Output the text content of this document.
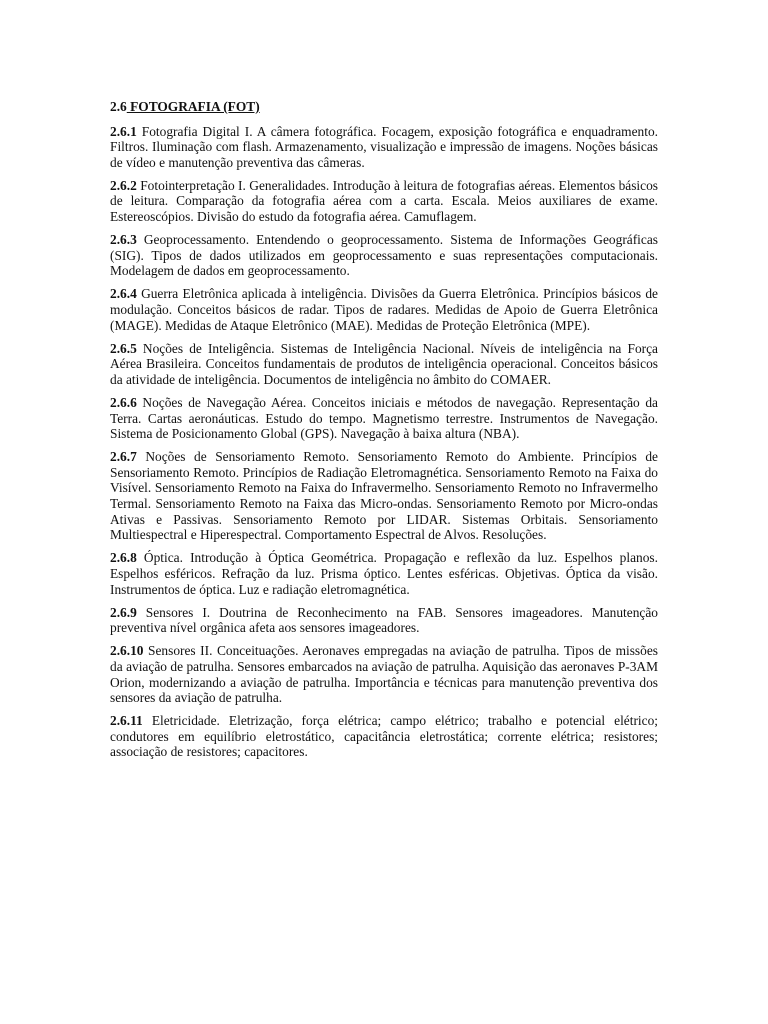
2.6 FOTOGRAFIA (FOT)

2.6.1 Fotografia Digital I. A câmera fotográfica. Focagem, exposição fotográfica e enquadramento. Filtros. Iluminação com flash. Armazenamento, visualização e impressão de imagens. Noções básicas de vídeo e manutenção preventiva das câmeras.

2.6.2 Fotointerpretação I. Generalidades. Introdução à leitura de fotografias aéreas. Elementos básicos de leitura. Comparação da fotografia aérea com a carta. Escala. Meios auxiliares de exame. Estereoscópios. Divisão do estudo da fotografia aérea. Camuflagem.

2.6.3 Geoprocessamento. Entendendo o geoprocessamento. Sistema de Informações Geográficas (SIG). Tipos de dados utilizados em geoprocessamento e suas representações computacionais. Modelagem de dados em geoprocessamento.

2.6.4 Guerra Eletrônica aplicada à inteligência. Divisões da Guerra Eletrônica. Princípios básicos de modulação. Conceitos básicos de radar. Tipos de radares. Medidas de Apoio de Guerra Eletrônica (MAGE). Medidas de Ataque Eletrônico (MAE). Medidas de Proteção Eletrônica (MPE).

2.6.5 Noções de Inteligência. Sistemas de Inteligência Nacional. Níveis de inteligência na Força Aérea Brasileira. Conceitos fundamentais de produtos de inteligência operacional. Conceitos básicos da atividade de inteligência. Documentos de inteligência no âmbito do COMAER.

2.6.6 Noções de Navegação Aérea. Conceitos iniciais e métodos de navegação. Representação da Terra. Cartas aeronáuticas. Estudo do tempo. Magnetismo terrestre. Instrumentos de Navegação. Sistema de Posicionamento Global (GPS). Navegação à baixa altura (NBA).

2.6.7 Noções de Sensoriamento Remoto. Sensoriamento Remoto do Ambiente. Princípios de Sensoriamento Remoto. Princípios de Radiação Eletromagnética. Sensoriamento Remoto na Faixa do Visível. Sensoriamento Remoto na Faixa do Infravermelho. Sensoriamento Remoto no Infravermelho Termal. Sensoriamento Remoto na Faixa das Micro-ondas. Sensoriamento Remoto por Micro-ondas Ativas e Passivas. Sensoriamento Remoto por LIDAR. Sistemas Orbitais. Sensoriamento Multiespectral e Hiperespectral. Comportamento Espectral de Alvos. Resoluções.

2.6.8 Óptica. Introdução à Óptica Geométrica. Propagação e reflexão da luz. Espelhos planos. Espelhos esféricos. Refração da luz. Prisma óptico. Lentes esféricas. Objetivas. Óptica da visão. Instrumentos de óptica. Luz e radiação eletromagnética.

2.6.9 Sensores I. Doutrina de Reconhecimento na FAB. Sensores imageadores. Manutenção preventiva nível orgânica afeta aos sensores imageadores.

2.6.10 Sensores II. Conceituações. Aeronaves empregadas na aviação de patrulha. Tipos de missões da aviação de patrulha. Sensores embarcados na aviação de patrulha. Aquisição das aeronaves P-3AM Orion, modernizando a aviação de patrulha. Importância e técnicas para manutenção preventiva dos sensores da aviação de patrulha.

2.6.11 Eletricidade. Eletrização, força elétrica; campo elétrico; trabalho e potencial elétrico; condutores em equilíbrio eletrostático, capacitância eletrostática; corrente elétrica; resistores; associação de resistores; capacitores.
